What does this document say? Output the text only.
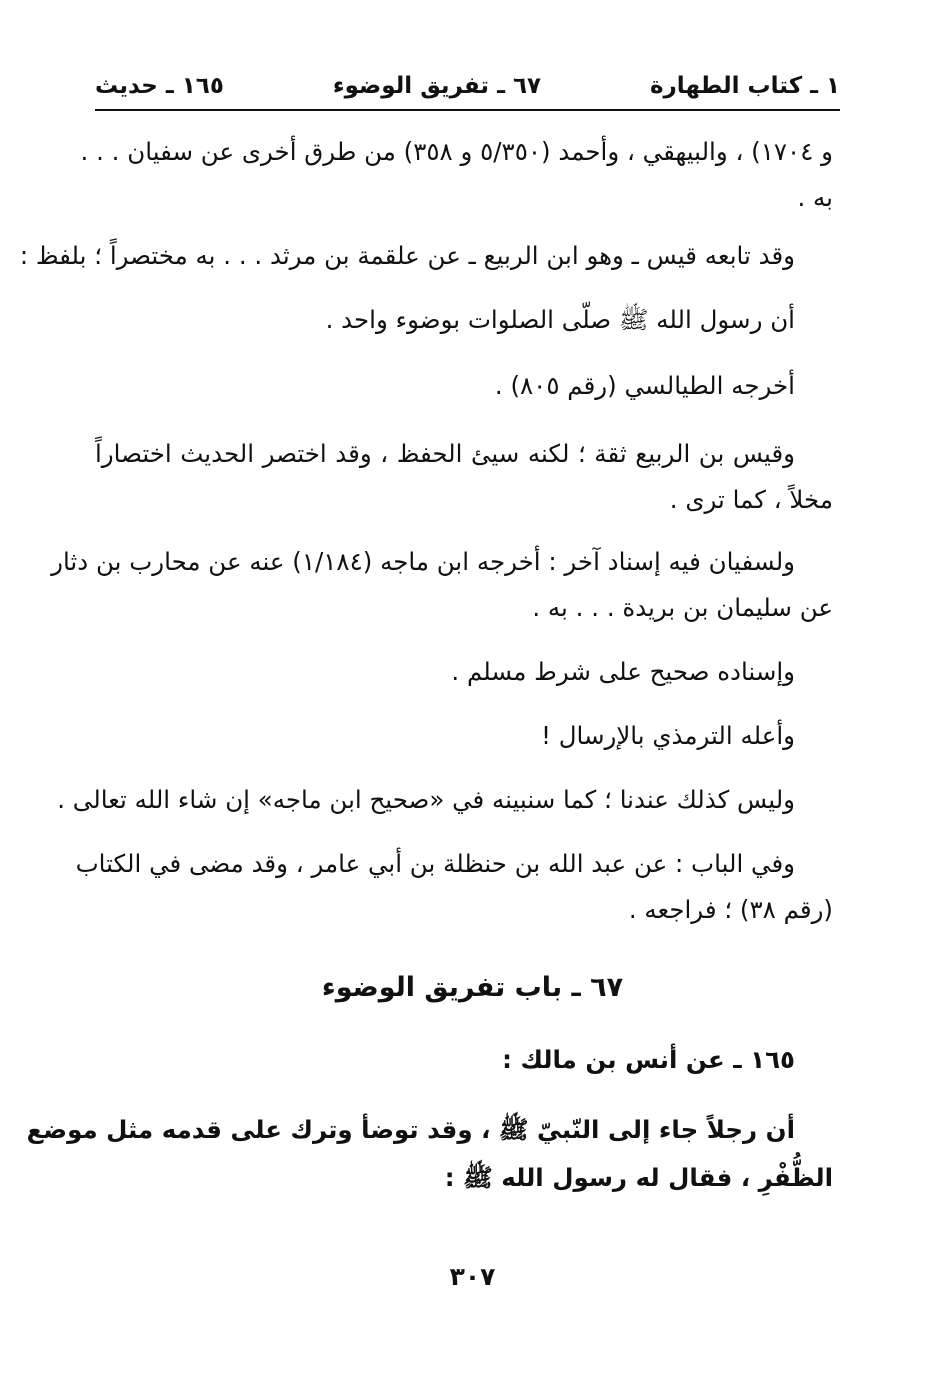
١ ـ كتاب الطهارة
٦٧ ـ تفريق الوضوء
١٦٥ ـ حديث
و ١٧٠٤) ، والبيهقي ، وأحمد (٥/٣٥٠ و ٣٥٨) من طرق أخرى عن سفيان . . .
به .
وقد تابعه قيس ـ وهو ابن الربيع ـ عن علقمة بن مرثد . . . به مختصراً ؛ بلفظ :
أن رسول الله ﷺ صلّى الصلوات بوضوء واحد .
أخرجه الطيالسي (رقم ٨٠٥) .
وقيس بن الربيع ثقة ؛ لكنه سيئ الحفظ ، وقد اختصر الحديث اختصاراً
مخلاً ، كما ترى .
ولسفيان فيه إسناد آخر : أخرجه ابن ماجه (١/١٨٤) عنه عن محارب بن دثار
عن سليمان بن بريدة . . . به .
وإسناده صحيح على شرط مسلم .
وأعله الترمذي بالإرسال !
وليس كذلك عندنا ؛ كما سنبينه في «صحيح ابن ماجه» إن شاء الله تعالى .
وفي الباب : عن عبد الله بن حنظلة بن أبي عامر ، وقد مضى في الكتاب
(رقم ٣٨) ؛ فراجعه .
٦٧ ـ باب تفريق الوضوء
١٦٥ ـ عن أنس بن مالك :
أن رجلاً جاء إلى النّبيّ ﷺ ، وقد توضأ وترك على قدمه مثل موضع
الظُّفْرِ ، فقال له رسول الله ﷺ :
٣٠٧
